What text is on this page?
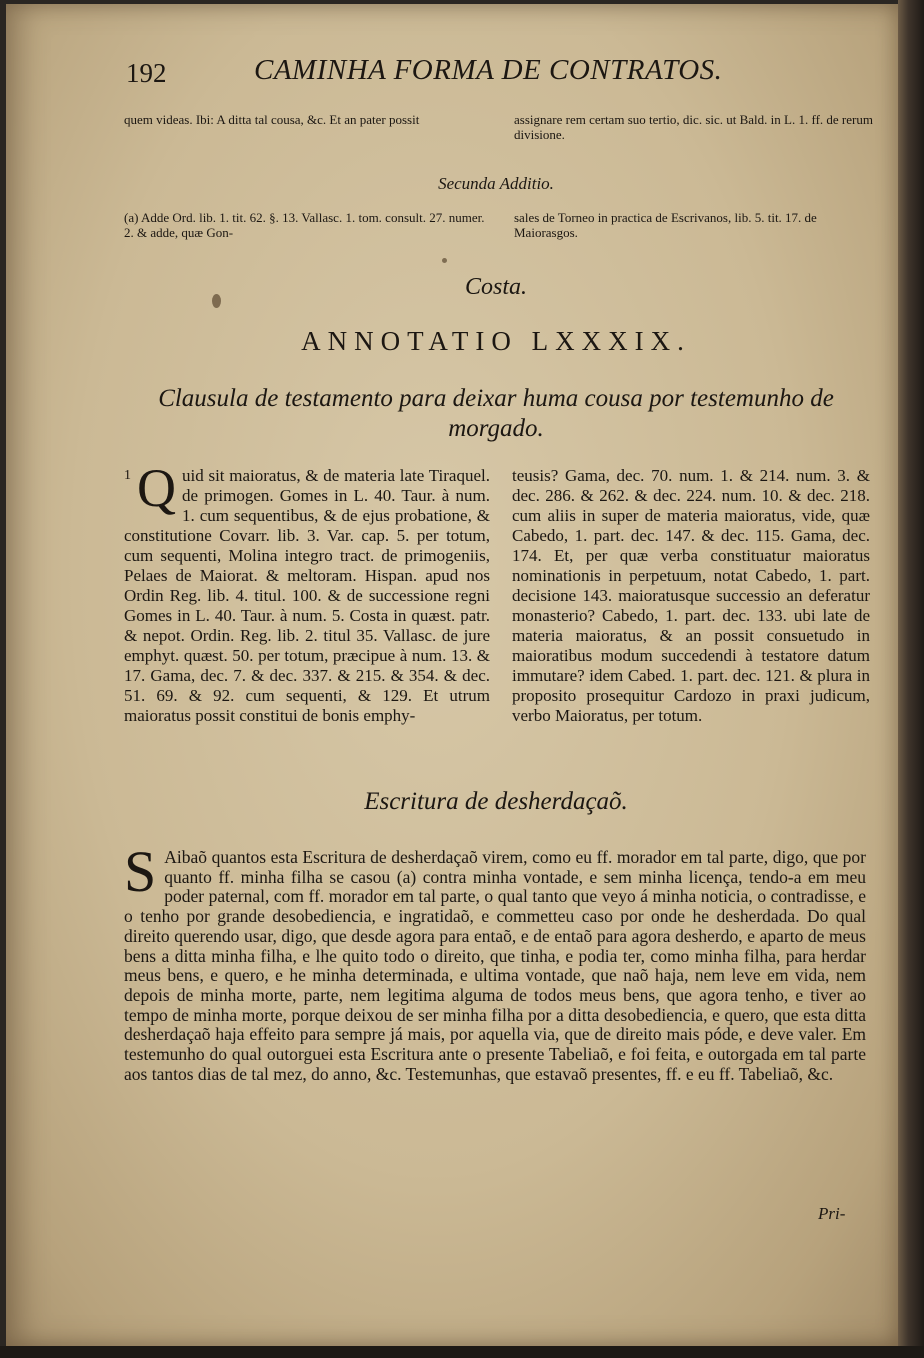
192	CAMINHA FORMA DE CONTRATOS.
quem videas. Ibi: A ditta tal cousa, &c. Et an pater possit	assignare rem certam suo tertio, dic. sic. ut Bald. in L. 1. ff. de rerum divisione.
Secunda Additio.
(a) Adde Ord. lib. 1. tit. 62. §. 13. Vallasc. 1. tom. consult. 27. numer. 2. & adde, quæ Gon-
sales de Torneo in practica de Escrivanos, lib. 5. tit. 17. de Maiorasgos.
Costa.
ANNOTATIO LXXXIX.
Clausula de testamento para deixar huma cousa por testemunho de morgado.
1 Q uid sit maioratus, & de materia late Tiraquel. de primogen. Gomes in L. 40. Taur. à num. 1. cum sequentibus, & de ejus probatione, & constitutione Covarr. lib. 3. Var. cap. 5. per totum, cum sequenti, Molina integro tract. de primogeniis, Pelaes de Maiorat. & meltoram. Hispan. apud nos Ordin Reg. lib. 4. titul. 100. & de successione regni Gomes in L. 40. Taur. à num. 5. Costa in quæst. patr. & nepot. Ordin. Reg. lib. 2. titul 35. Vallasc. de jure emphyt. quæst. 50. per totum, præcipue à num. 13. & 17. Gama, dec. 7. & dec. 337. & 215. & 354. & dec. 51. 69. & 92. cum sequenti, & 129. Et utrum maioratus possit constitui de bonis emphy-
teusis? Gama, dec. 70. num. 1. & 214. num. 3. & dec. 286. & 262. & dec. 224. num. 10. & dec. 218. cum aliis in super de materia maioratus, vide, quæ Cabedo, 1. part. dec. 147. & dec. 115. Gama, dec. 174. Et, per quæ verba constituatur maioratus nominationis in perpetuum, notat Cabedo, 1. part. decisione 143. maioratusque successio an deferatur monasterio? Cabedo, 1. part. dec. 133. ubi late de materia maioratus, & an possit consuetudo in maioratibus modum succedendi à testatore datum immutare? idem Cabed. 1. part. dec. 121. & plura in proposito prosequitur Cardozo in praxi judicum, verbo Maioratus, per totum.
Escritura de desherdaçaõ.
S Aibaõ quantos esta Escritura de desherdaçaõ virem, como eu ff. morador em tal parte, digo, que por quanto ff. minha filha se casou (a) contra minha vontade, e sem minha licença, tendo-a em meu poder paternal, com ff. morador em tal parte, o qual tanto que veyo á minha noticia, o contradisse, e o tenho por grande desobediencia, e ingratidaõ, e commetteu caso por onde he desherdada. Do qual direito querendo usar, digo, que desde agora para entaõ, e de entaõ para agora desherdo, e aparto de meus bens a ditta minha filha, e lhe quito todo o direito, que tinha, e podia ter, como minha filha, para herdar meus bens, e quero, e he minha determinada, e ultima vontade, que naõ haja, nem leve em vida, nem depois de minha morte, parte, nem legitima alguma de todos meus bens, que agora tenho, e tiver ao tempo de minha morte, porque deixou de ser minha filha por a ditta desobediencia, e quero, que esta ditta desherdaçaõ haja effeito para sempre já mais, por aquella via, que de direito mais póde, e deve valer. Em testemunho do qual outorguei esta Escritura ante o presente Tabeliaõ, e foi feita, e outorgada em tal parte aos tantos dias de tal mez, do anno, &c. Testemunhas, que estavaõ presentes, ff. e eu ff. Tabeliaõ, &c.
Pri-
